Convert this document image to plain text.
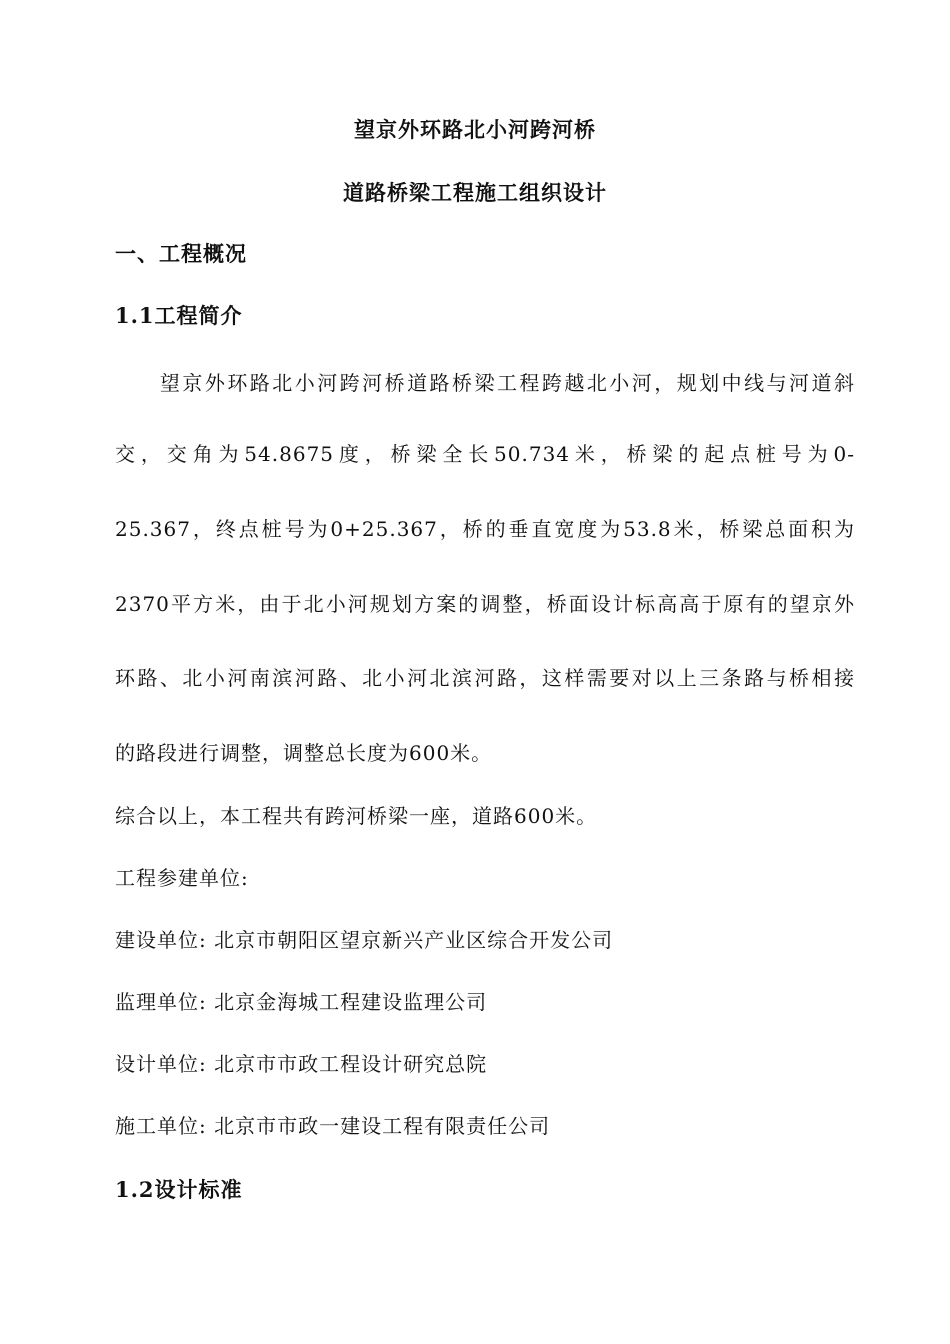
望京外环路北小河跨河桥
道路桥梁工程施工组织设计
一、工程概况
1.1工程简介
　　望京外环路北小河跨河桥道路桥梁工程跨越北小河，规划中线与河道斜
交，交角为54.8675度，桥梁全长50.734米，桥梁的起点桩号为0-
25.367，终点桩号为0+25.367，桥的垂直宽度为53.8米，桥梁总面积为
2370平方米，由于北小河规划方案的调整，桥面设计标高高于原有的望京外
环路、北小河南滨河路、北小河北滨河路，这样需要对以上三条路与桥相接
的路段进行调整，调整总长度为600米。
综合以上，本工程共有跨河桥梁一座，道路600米。
工程参建单位:
建设单位: 北京市朝阳区望京新兴产业区综合开发公司
监理单位: 北京金海城工程建设监理公司
设计单位: 北京市市政工程设计研究总院
施工单位: 北京市市政一建设工程有限责任公司
1.2设计标准
